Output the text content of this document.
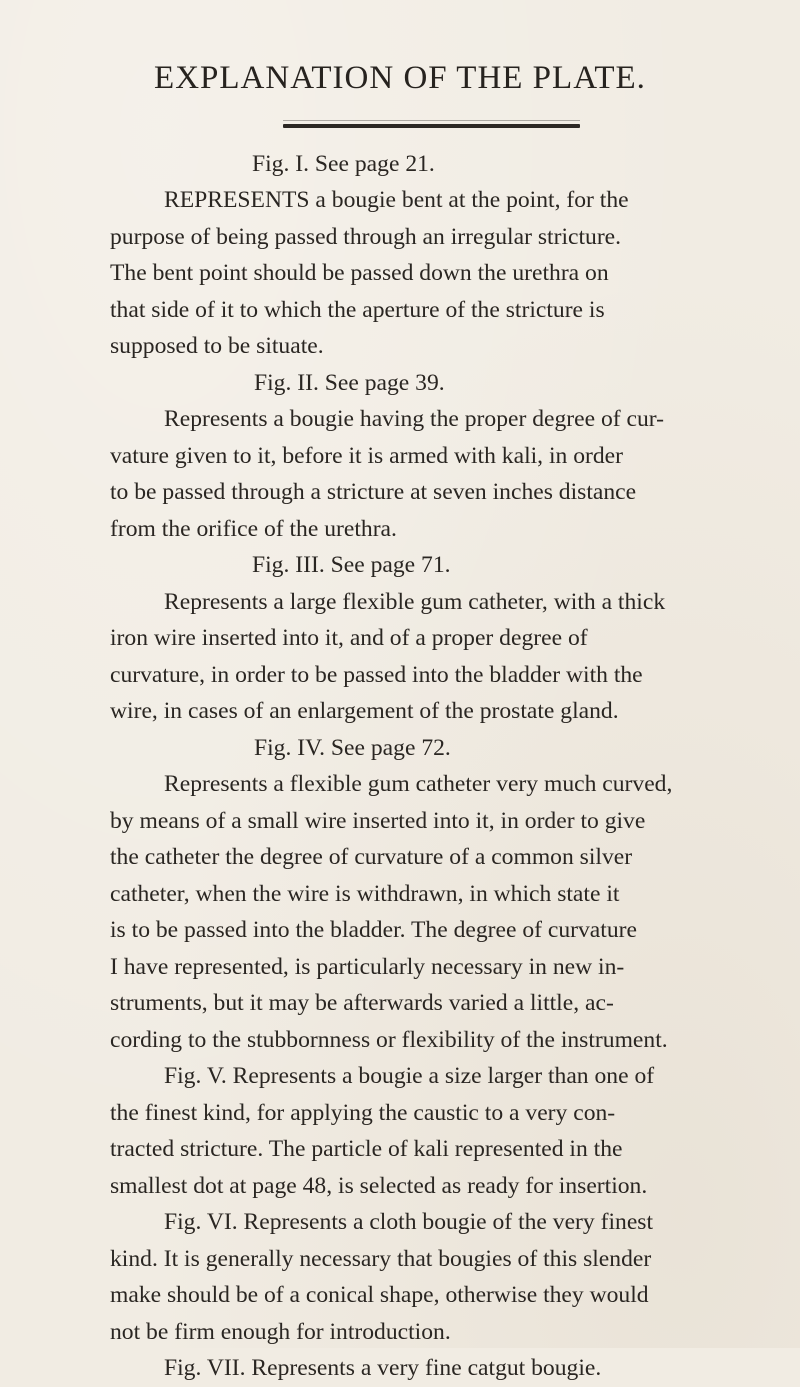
EXPLANATION OF THE PLATE.
Fig. I. See page 21.
REPRESENTS a bougie bent at the point, for the
purpose of being passed through an irregular stricture.
The bent point should be passed down the urethra on
that side of it to which the aperture of the stricture is
supposed to be situate.
Fig. II. See page 39.
Represents a bougie having the proper degree of cur-
vature given to it, before it is armed with kali, in order
to be passed through a stricture at seven inches distance
from the orifice of the urethra.
Fig. III. See page 71.
Represents a large flexible gum catheter, with a thick
iron wire inserted into it, and of a proper degree of
curvature, in order to be passed into the bladder with the
wire, in cases of an enlargement of the prostate gland.
Fig. IV. See page 72.
Represents a flexible gum catheter very much curved,
by means of a small wire inserted into it, in order to give
the catheter the degree of curvature of a common silver
catheter, when the wire is withdrawn, in which state it
is to be passed into the bladder. The degree of curvature
I have represented, is particularly necessary in new in-
struments, but it may be afterwards varied a little, ac-
cording to the stubbornness or flexibility of the instrument.
Fig. V. Represents a bougie a size larger than one of
the finest kind, for applying the caustic to a very con-
tracted stricture. The particle of kali represented in the
smallest dot at page 48, is selected as ready for insertion.
Fig. VI. Represents a cloth bougie of the very finest
kind. It is generally necessary that bougies of this slender
make should be of a conical shape, otherwise they would
not be firm enough for introduction.
Fig. VII. Represents a very fine catgut bougie.
